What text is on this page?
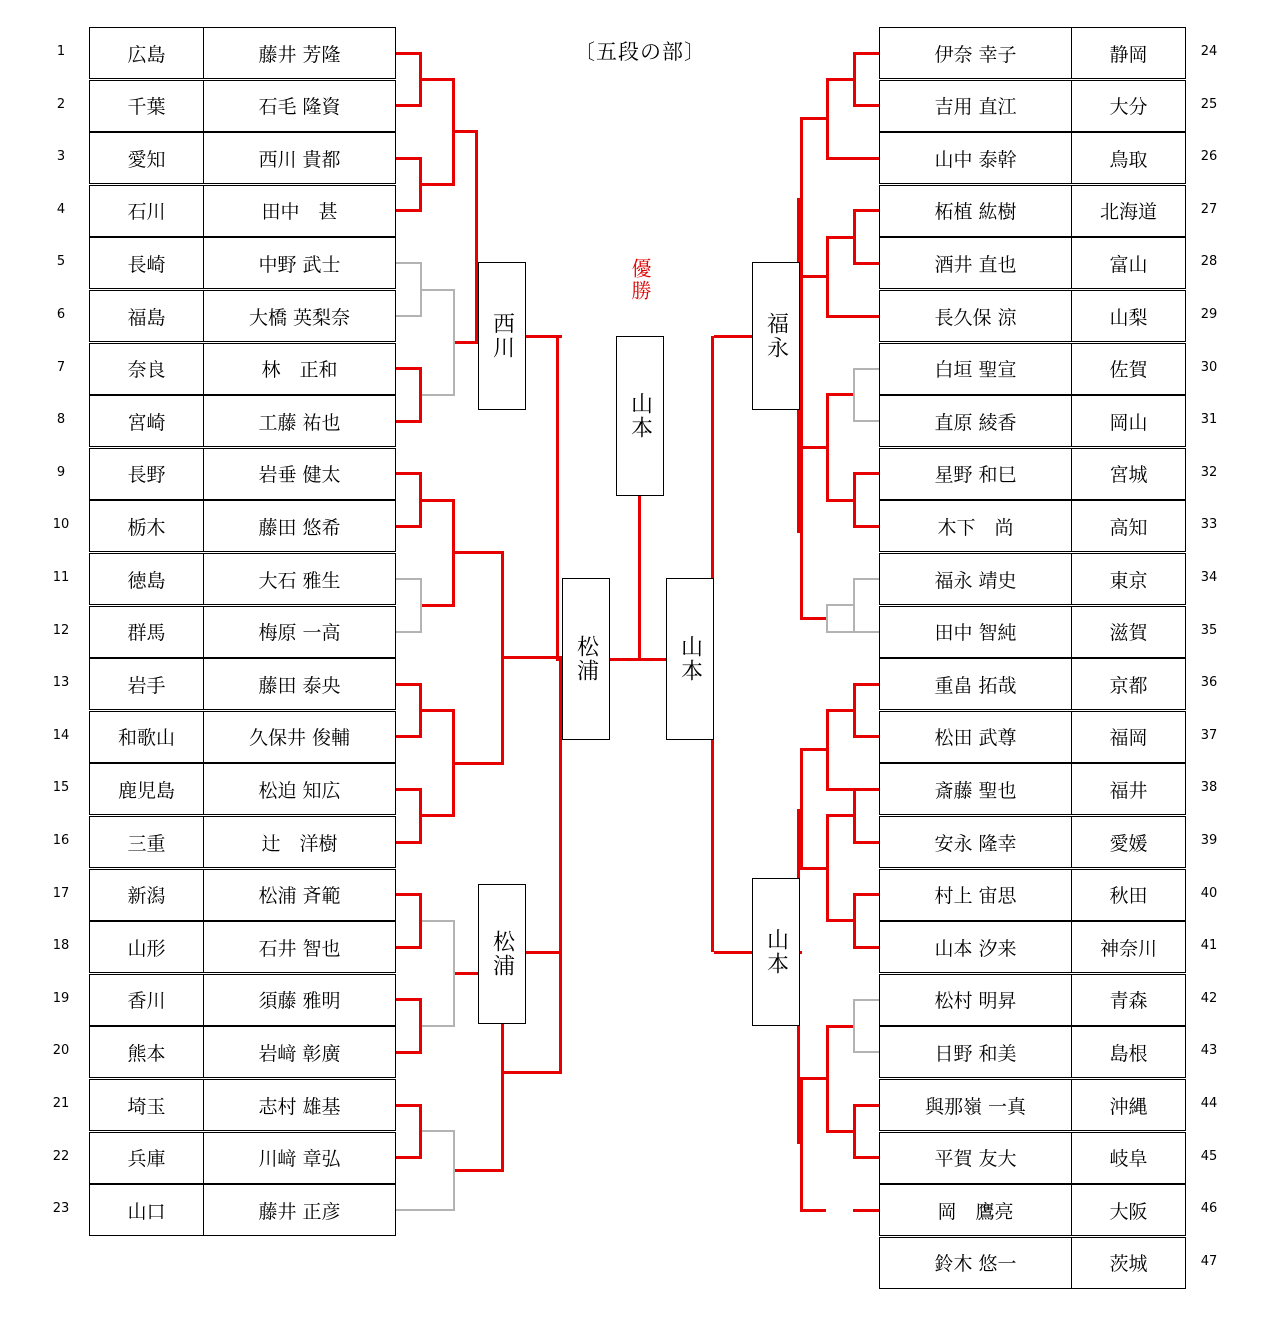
〔五段の部〕
1	広島	藤井 芳隆
2	千葉	石毛 隆資
3	愛知	西川 貴都
4	石川	田中　甚
5	長崎	中野 武士
6	福島	大橋 英梨奈
7	奈良	林　正和
8	宮崎	工藤 祐也
9	長野	岩垂 健太
10	栃木	藤田 悠希
11	徳島	大石 雅生
12	群馬	梅原 一高
13	岩手	藤田 泰央
14	和歌山	久保井 俊輔
15	鹿児島	松迫 知広
16	三重	辻　洋樹
17	新潟	松浦 斉範
18	山形	石井 智也
19	香川	須藤 雅明
20	熊本	岩﨑 彰廣
21	埼玉	志村 雄基
22	兵庫	川﨑 章弘
23	山口	藤井 正彦
伊奈 幸子	静岡	24
吉用 直江	大分	25
山中 泰幹	鳥取	26
柘植 紘樹	北海道	27
酒井 直也	富山	28
長久保 涼	山梨	29
白垣 聖宣	佐賀	30
直原 綾香	岡山	31
星野 和巳	宮城	32
木下　尚	高知	33
福永 靖史	東京	34
田中 智純	滋賀	35
重畠 拓哉	京都	36
松田 武尊	福岡	37
斎藤 聖也	福井	38
安永 隆幸	愛媛	39
村上 宙思	秋田	40
山本 汐来	神奈川	41
松村 明昇	青森	42
日野 和美	島根	43
與那嶺 一真	沖縄	44
平賀 友大	岐阜	45
岡　鷹亮	大阪	46
鈴木 悠一	茨城	47
西川
松浦
松浦
福永
山本
山本
山本
優勝
